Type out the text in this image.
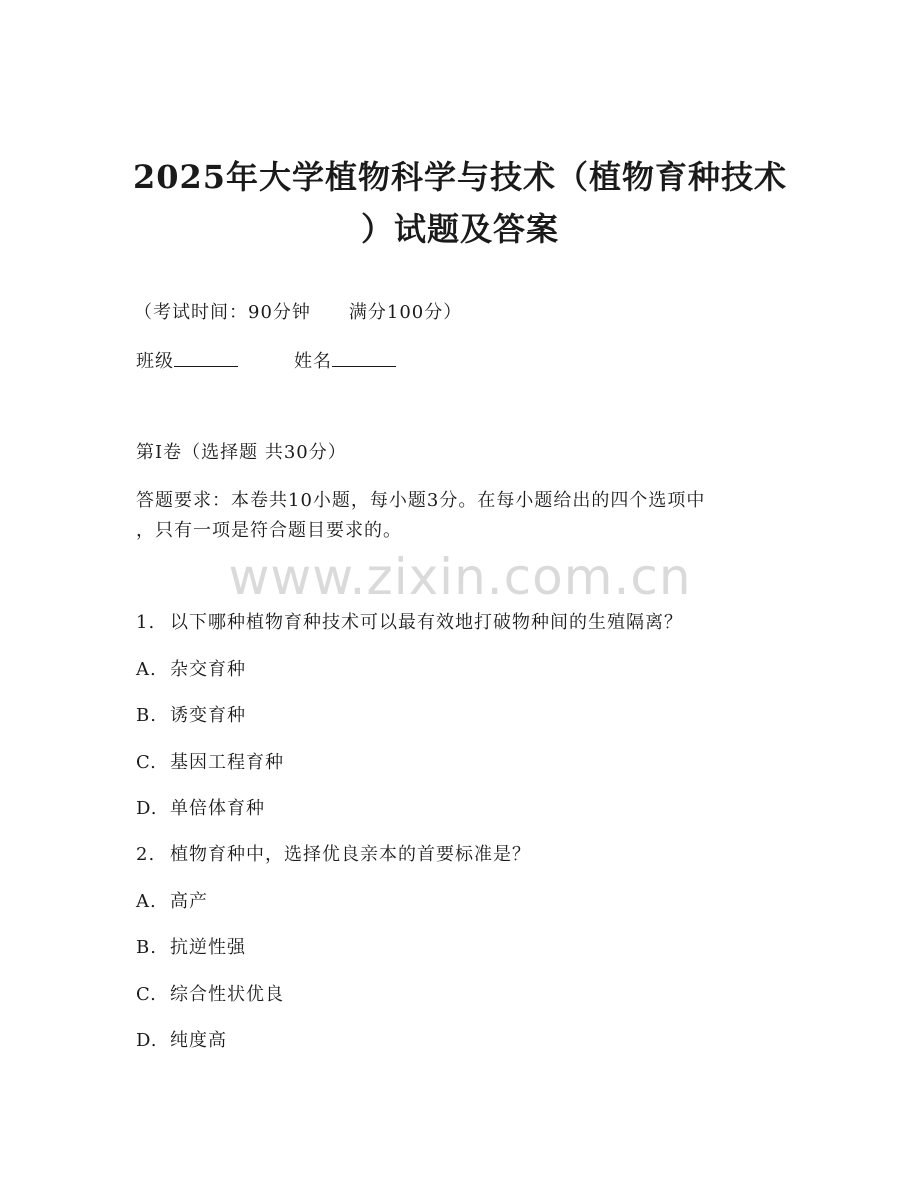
2025年大学植物科学与技术（植物育种技术
）试题及答案
（考试时间：90分钟　　满分100分）
班级	姓名
第I卷（选择题 共30分）
答题要求：本卷共10小题，每小题3分。在每小题给出的四个选项中
，只有一项是符合题目要求的。
www.zixin.com.cn
1. 以下哪种植物育种技术可以最有效地打破物种间的生殖隔离？
A. 杂交育种
B. 诱变育种
C. 基因工程育种
D. 单倍体育种
2. 植物育种中，选择优良亲本的首要标准是？
A. 高产
B. 抗逆性强
C. 综合性状优良
D. 纯度高
